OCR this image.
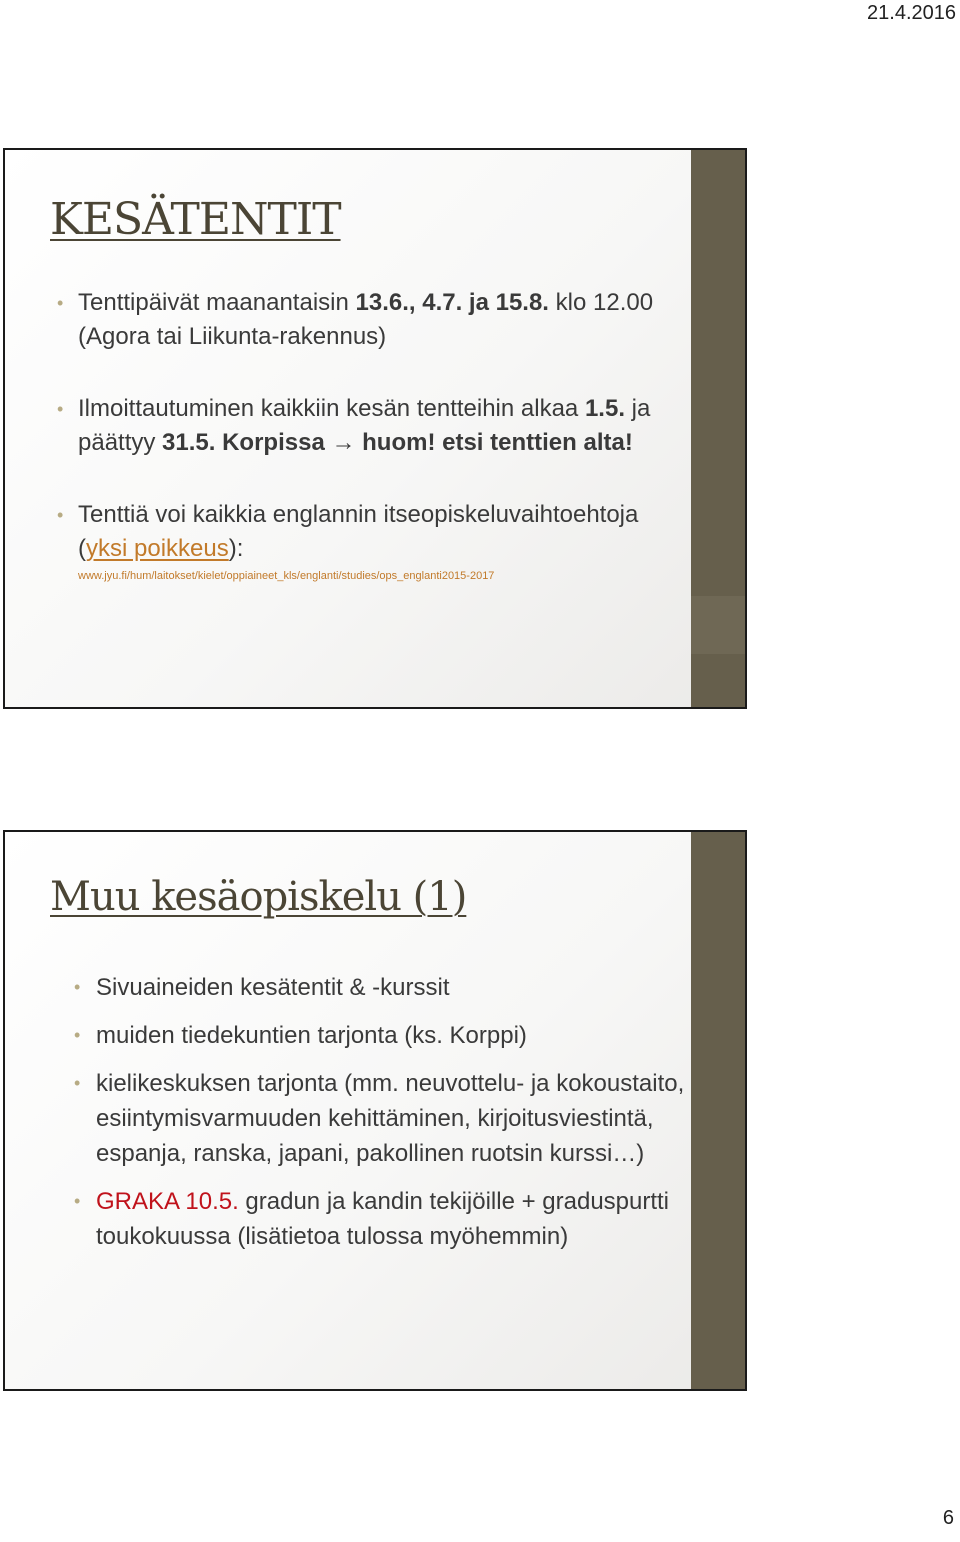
21.4.2016
KESÄTENTIT
• Tenttipäivät maanantaisin 13.6., 4.7. ja 15.8. klo 12.00 (Agora tai Liikunta-rakennus)
• Ilmoittautuminen kaikkiin kesän tentteihin alkaa 1.5. ja päättyy 31.5. Korpissa → huom! etsi tenttien alta!
• Tenttiä voi kaikkia englannin itseopiskeluvaihtoehtoja (yksi poikkeus):
www.jyu.fi/hum/laitokset/kielet/oppiaineet_kls/englanti/studies/ops_englanti2015-2017
Muu kesäopiskelu (1)
• Sivuaineiden kesätentit & -kurssit
• muiden tiedekuntien tarjonta (ks. Korppi)
• kielikeskuksen tarjonta (mm. neuvottelu- ja kokoustaito, esiintymisvarmuuden kehittäminen, kirjoitusviestintä, espanja, ranska, japani, pakollinen ruotsin kurssi…)
• GRAKA 10.5. gradun ja kandin tekijöille + graduspurtti toukokuussa (lisätietoa tulossa myöhemmin)
6
